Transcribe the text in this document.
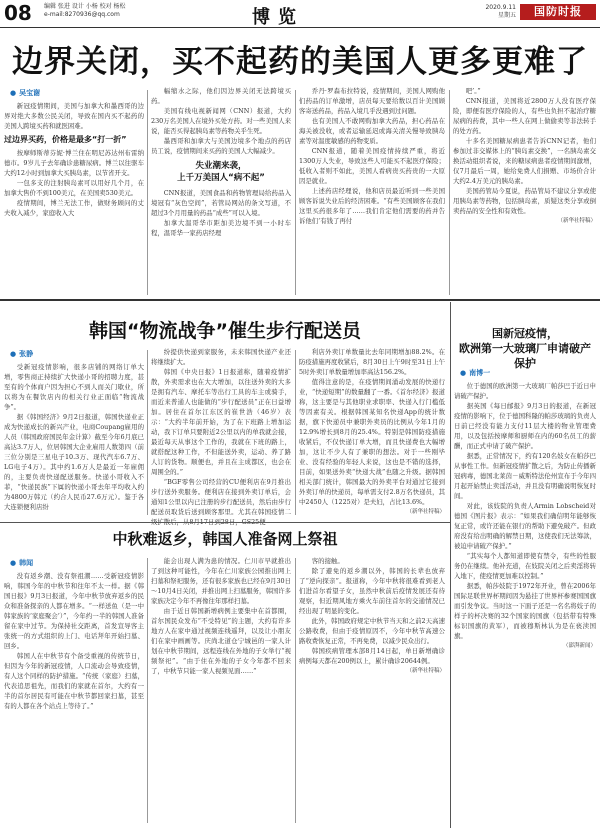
08 编辑 张进 设计 小杨 校对 杨松
e-mail:8270936@qq.com	博览	2020.9.11
星期五	国防时报
边界关闭，买不起药的美国人更多更难了
● 吴宝谢

新冠疫情期间，美国与加拿大和墨西哥的边界对绝大多数公民关闭，导致在国内买不起药的美国人跨境买药和就医困难。

过边界买药，价格是最多“打一折”

按摩师斯蒂芬妮·博兰住在明尼苏达州布雷纳德市。9岁儿子去年确诊患糖尿病。博兰以往驱车大约12小时到加拿大买胰岛素，以节省开支。

一包多支的注射胰岛素可以用好几个月，在加拿大售价不到100美元，在美国卖530美元。

疫情期间，博兰无法工作，做财务顾问的丈夫收入减少，家庭收入大

幅缩水之际，他们因边界关闭无法跨境买药。

美国有线电视新闻网（CNN）报道，大约230万名美国人在境外买处方药。对一些美国人来说，能否买得起胰岛素等药物关乎生死。

墨西哥和加拿大与美国边境多个地点的药店员工说，疫情期间来买药的美国人大幅减少。

失业潮来袭，
上千万美国人“病不起”

CNN报道，美国食品和药物管理局给药品入境冠有“灰色空间”，若管局网站的条文写道，不超过3个月用量的药品“成些”可以入境。

加拿大温哥华市距加美边境不到一小时车程，温哥华一家药店经理

乔丹·罗森布拉特说，疫情期间，美国人网购他们药品的订单激增，店员每天要给数以百计美国顾客寄送药品，药品入境几乎没遇到过问题。

也有美国人不敢网购加拿大药品，担心药品在海关被没收，或者运输延迟或海关清关慢导致胰岛素等对温度敏感的药物变质。

CNN报道，随着美国疫情持续严重，将近1300万人失业，导致这些人可能买不起医疗保险；低收入者则不如此，美国人看病贵买药贵的一大原因是就业。

上述药店经理说，他和店员最近听到一些美国顾客诉说失业后的经济困难。“有些美国顾客在我们这里买药很多年了……我们肯定他们需要的药并告诉他们‘有钱了再付

吧’。”

CNN报道，美国将近2800万人没有医疗保险，即便有医疗保险的人，有些也负担不起治疗糖尿病的药费，其中一些人在网上做偷卖等非法转手的处方药。

十多名美国糖尿病患者告诉CNN记者，他们参加过非交媒体上的“胰岛素交换”，一名胰岛素交换活动组织者说，来的糖尿病患者疫情期间激增，仅7月最后一周，她给免费人们捐赠、市场价合计大约2.4万美元的胰岛素。

美国药管局今夏说，药品管局不建议分享或使用胰岛素等药物，包括胰岛素，质疑这类分享或倒卖药品的安全性和有效性。

（新华社特稿）
韩国“物流战争”催生步行配送员
● 张静

受新冠疫情影响，很多店铺的网络订单大增，零售商正持续扩大快递小哥的招聘力度，甚至有的个体商户因为担心不到人而关门歇业，所以将为在餐饮店内的相关行业正面临“物流战争”。

据《韩国经济》9月2日报道，韩国快递业正成为快递成长的新兴产业，电商Coupang雇用的人员（韩国政府国民年金计算）截至今年6月底已高达3.7万人，位居韩国大企业雇用人数第四（前三位分别是三星电子10.3万、现代汽车6.7万、LG电子4万）。其中约1.6万人是最近一年雇佣的，主要负责快递配送服务。快递小哥收入不菲，“快递民族”下属的快递小哥去年平均收入约为4800万韩元（约合人民币27.6万元）。鉴于各大连锁便利店纷

纷提供快递到家服务，未来韩国快递产业还将继续扩大。

韩国《中央日报》1日报道称，随着疫情扩散，外卖需求也在大大增加，以往送外卖的大多是拥有汽车、摩托车等出行工具的车主或骑手，而近来普通人也能做的“步行配送员”正在日益增加。居住在首尔江东区的崔世浩（46岁）表示：“大约半年前开始，为了在下班路上增加运动，我下订单只要附近2公里以内的单我就会接，最近每天从事这个工作的，我就在下班的路上，就搭配这种工作，不但能送外卖，运动、养了路人订的货物。顺便也，并且在主成都区，也会在周围全的。”

“BGF零售公司经营的CU便利店在9月推出步行送外卖服务。便利店在接到外卖订单后，会通知1公里以内已注册的步行配送员，然后由步行配送员取货后送到顾客那里。尤其在韩国疫情二级扩散后，从8月17日到28日，GS25便

利店外卖订单数量比去年同期增加88.2%。在防疫措施再度收紧后，8月30日上午9时至31日上午5时外卖订单数量增加率高达156.2%。

值得注意的是，在疫情期间涌动发展的快递行业，“快递短期”的数量翻了一番。《首尔经济》报道称，这主要是与其他职业求职率、快递入行门槛低等因素有关。根据韩国某知名快递App的统计数据，旗下快递员中兼职外卖员的比例从今年1月的12.9%增长到8月的25.4%。特别是韩国防疫措施收紧后，不仅快递订单大增，而且快递费也大幅增加，这让不少人有了兼职的想法。对于一些刚毕业、没有经验的年轻人来说，这也是不错的选择，目前，如果送外卖“快递大战”也随之升级。据韩国相关部门统计，韩国最大的外卖平台对通过它接到外卖订单的快递员，每单需支付2.8万名快递员，其中2450人（1225对）是夫妇，占比13.6%。

（新华社特稿）
国新冠疫情，
欧洲第一大玻璃厂申请破产保护
● 南博一

位于德国的欧洲第一大玻璃厂帕莎巴于近日申请破产保护。

据英国《每日邮报》9月3日的报道，在新冠疫情的影响下，位于德国科隆的帕莎玻璃的负责人日前已经没有能力支付11层大楼的物业管理费用，以及包括按摩师和厨师在内的60名员工的薪酬，而正式申请了破产保护。

据悉，正常情况下，约有120名妓女在帕莎巴从事性工作。但新冠疫情扩散之后，为防止传播新冠病毒，德国北莱茵－威斯特法伦州宣布于今年四月起开始禁止卖淫活动，并且没有明确说明恢复时间。

对此，该妓院的负责人Armin Lobscheid对德国《图片报》表示：“如果我们确信明年能够恢复正常，或许还能在银行的帮助下避免破产。但政府没有给出明确的解禁日期，这使我们无法筹款，被迫申请破产保护。”

“其实每个人都知道即使有禁令，有些的性服务仍在继续。他补充道，在妓院关闭之后卖淫将转入地下，使疫情更加难以控制。”

据悉，帕莎妓院于1972年开业，曾在2006年国际足联世界杯期间因为悬挂了世界杯参赛国国旗而引发争议。当时这一下面子还是一名名将妓子的样子的杯决赛的32个国家的国旗（包括带有特殊标识国旗的黄军），而被穆斯林认为是在亵渎国旗。

（澎湃新闻）
中秋难返乡，韩国人准备网上祭祖
● 韩闻

没有返乡潮、没有祭祖潮……受新冠疫情影响，韩国今年的中秋节和往年不太一样。据《韩国日报》9月3日报道，今年中秋节放弃返乡的民众和准备探亲的人都在增多。“一样送鱼（是一中韩家族的‘家庭聚会’）”，今年约一半的韩国人准备留在家中过节。为保持社交距离，首发宣导客主张统一的方式组织的上门、电话拜年开始扫墓、回乡。

韩国人在中秋节有个备受重视的传统节日，但因为今年的新冠疫情，人口流动会导致疫情，有人这个同样的防护措施。“传统（家庭）扫墓，代表追思祖先，而我们的家就在首尔，大约有一半的首尔居民有可能在中秋节都回家扫墓，甚至有的人都在各个站点上等待了。”

能会出现人满为患的情况。仁川市早就推出了到这种可能性，今年在仁川家族公园推出网上扫墓和祭祀服务，还有很多家族也已经在9月30日～10月4日关闭，并推出网上扫墓服务，韩国许多家族决定今年不再像往年那样扫墓。

由于近日韩国新增病例主要集中在首都圈，首尔国民众发布“不受特见”的主题，大约有许多地方人在家中通过视频连线遥拜，以及让小朋友们在家中画画等。庆尚北道仓宁城邑的一家人计划在中秋节期间，远程连线在外地的子女举行“视频祭祀”。“由于住在外地的子女今年都不回来了，中秋节只能一家人视频见面……”

客的接触。

除了避免的返乡潮以外，韩国的长辈也放弃了“逆向探亲”。报道称，今年中秋将很难看到老人们进首尔看望子女，虽然中秋前后疫情发展还有待观察，但近期风地方乘火车前往首尔的交通情况已经出现了明显的变化。

此外，韩国政府规定中秋节当天和之前2天高速公路收费，但由于疫情原因不，今年中秋节高速公路收费恢复正常，不再免费，以减少民众出行。

韩国疾病管理本部8月14日起，单日新增确诊病例每天都在200例以上，累计确诊20644例。

（新华社特稿）
